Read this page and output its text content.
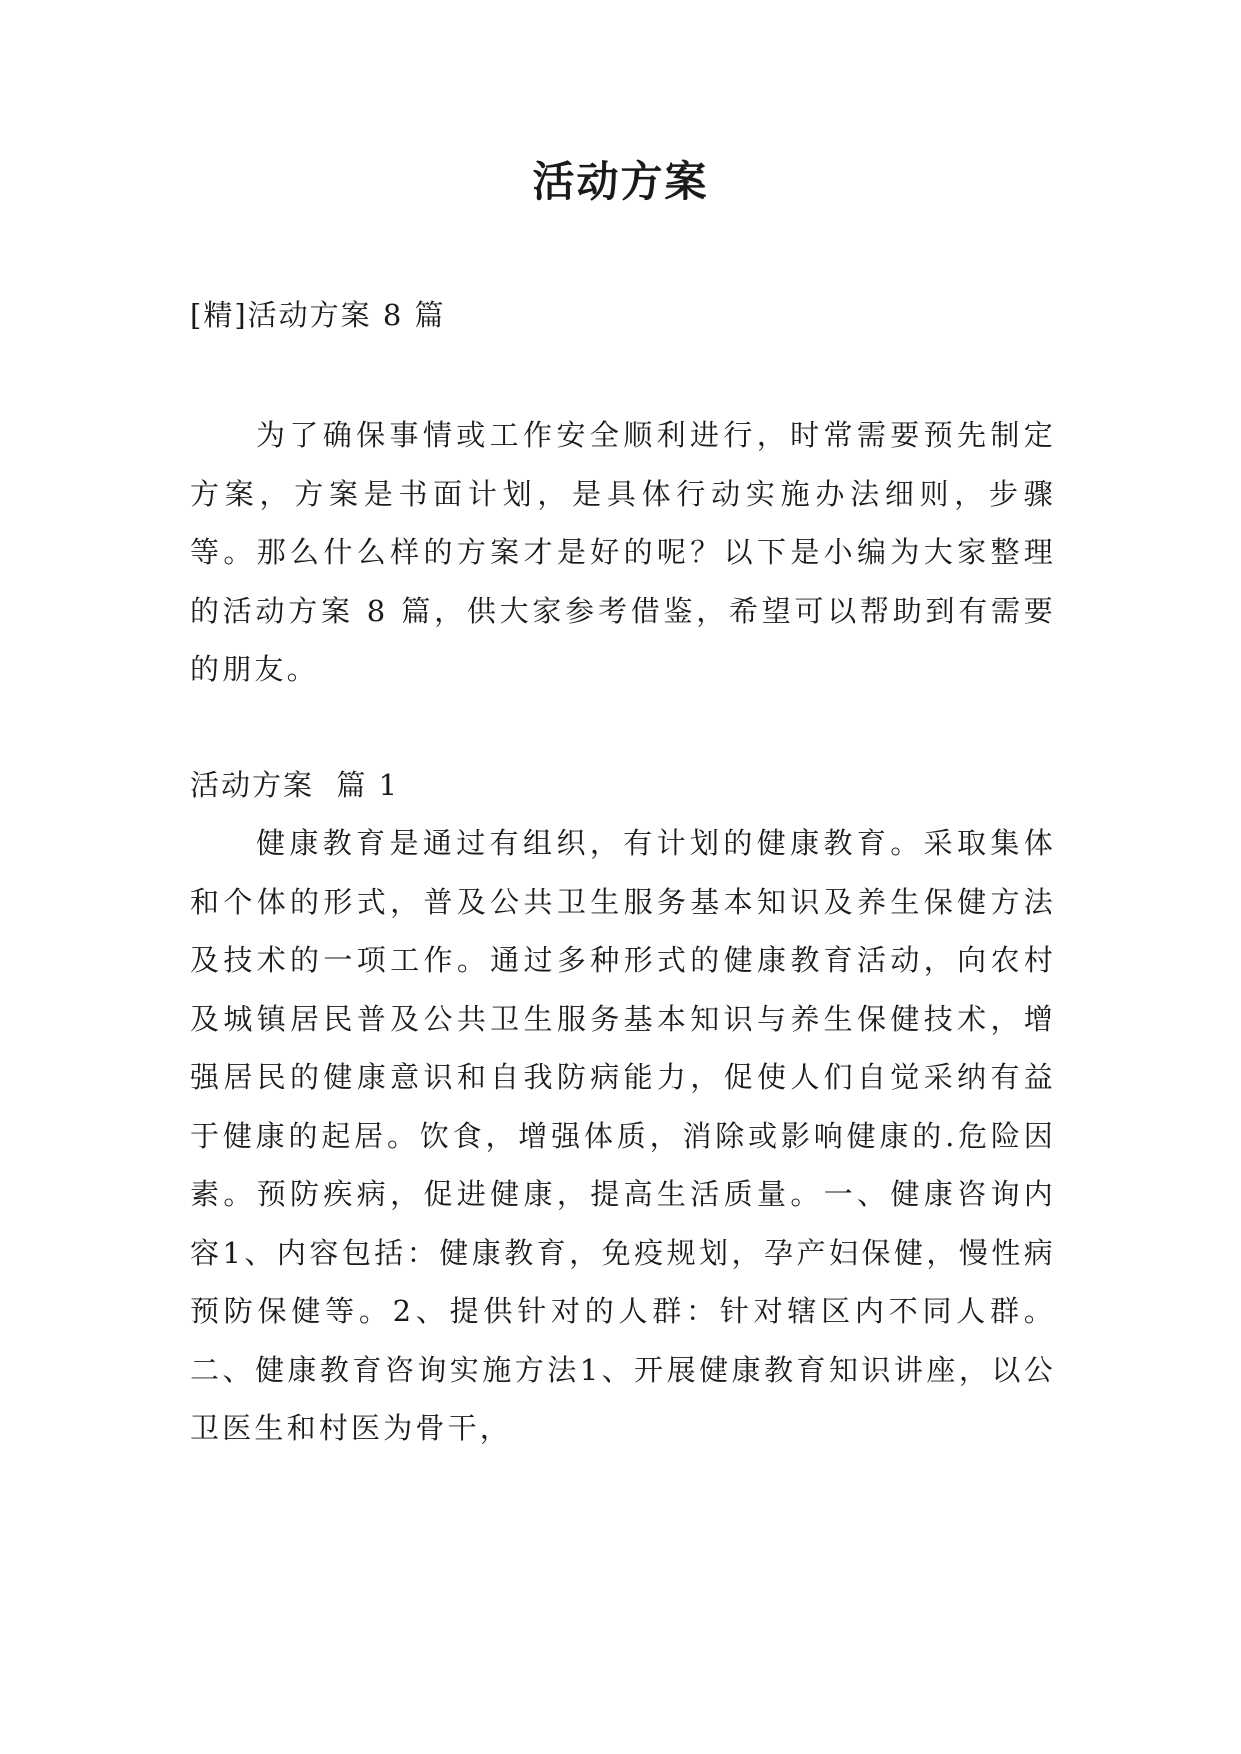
活动方案
[精]活动方案 8 篇

为了确保事情或工作安全顺利进行，时常需要预先制定方案，方案是书面计划，是具体行动实施办法细则，步骤等。那么什么样的方案才是好的呢？以下是小编为大家整理的活动方案 8 篇，供大家参考借鉴，希望可以帮助到有需要的朋友。

活动方案  篇 1

健康教育是通过有组织，有计划的健康教育。采取集体和个体的形式，普及公共卫生服务基本知识及养生保健方法及技术的一项工作。通过多种形式的健康教育活动，向农村及城镇居民普及公共卫生服务基本知识与养生保健技术，增强居民的健康意识和自我防病能力，促使人们自觉采纳有益于健康的起居。饮食，增强体质，消除或影响健康的.危险因素。预防疾病，促进健康，提高生活质量。一、健康咨询内容1、内容包括：健康教育，免疫规划，孕产妇保健，慢性病预防保健等。2、提供针对的人群：针对辖区内不同人群。二、健康教育咨询实施方法1、开展健康教育知识讲座，以公卫医生和村医为骨干，
